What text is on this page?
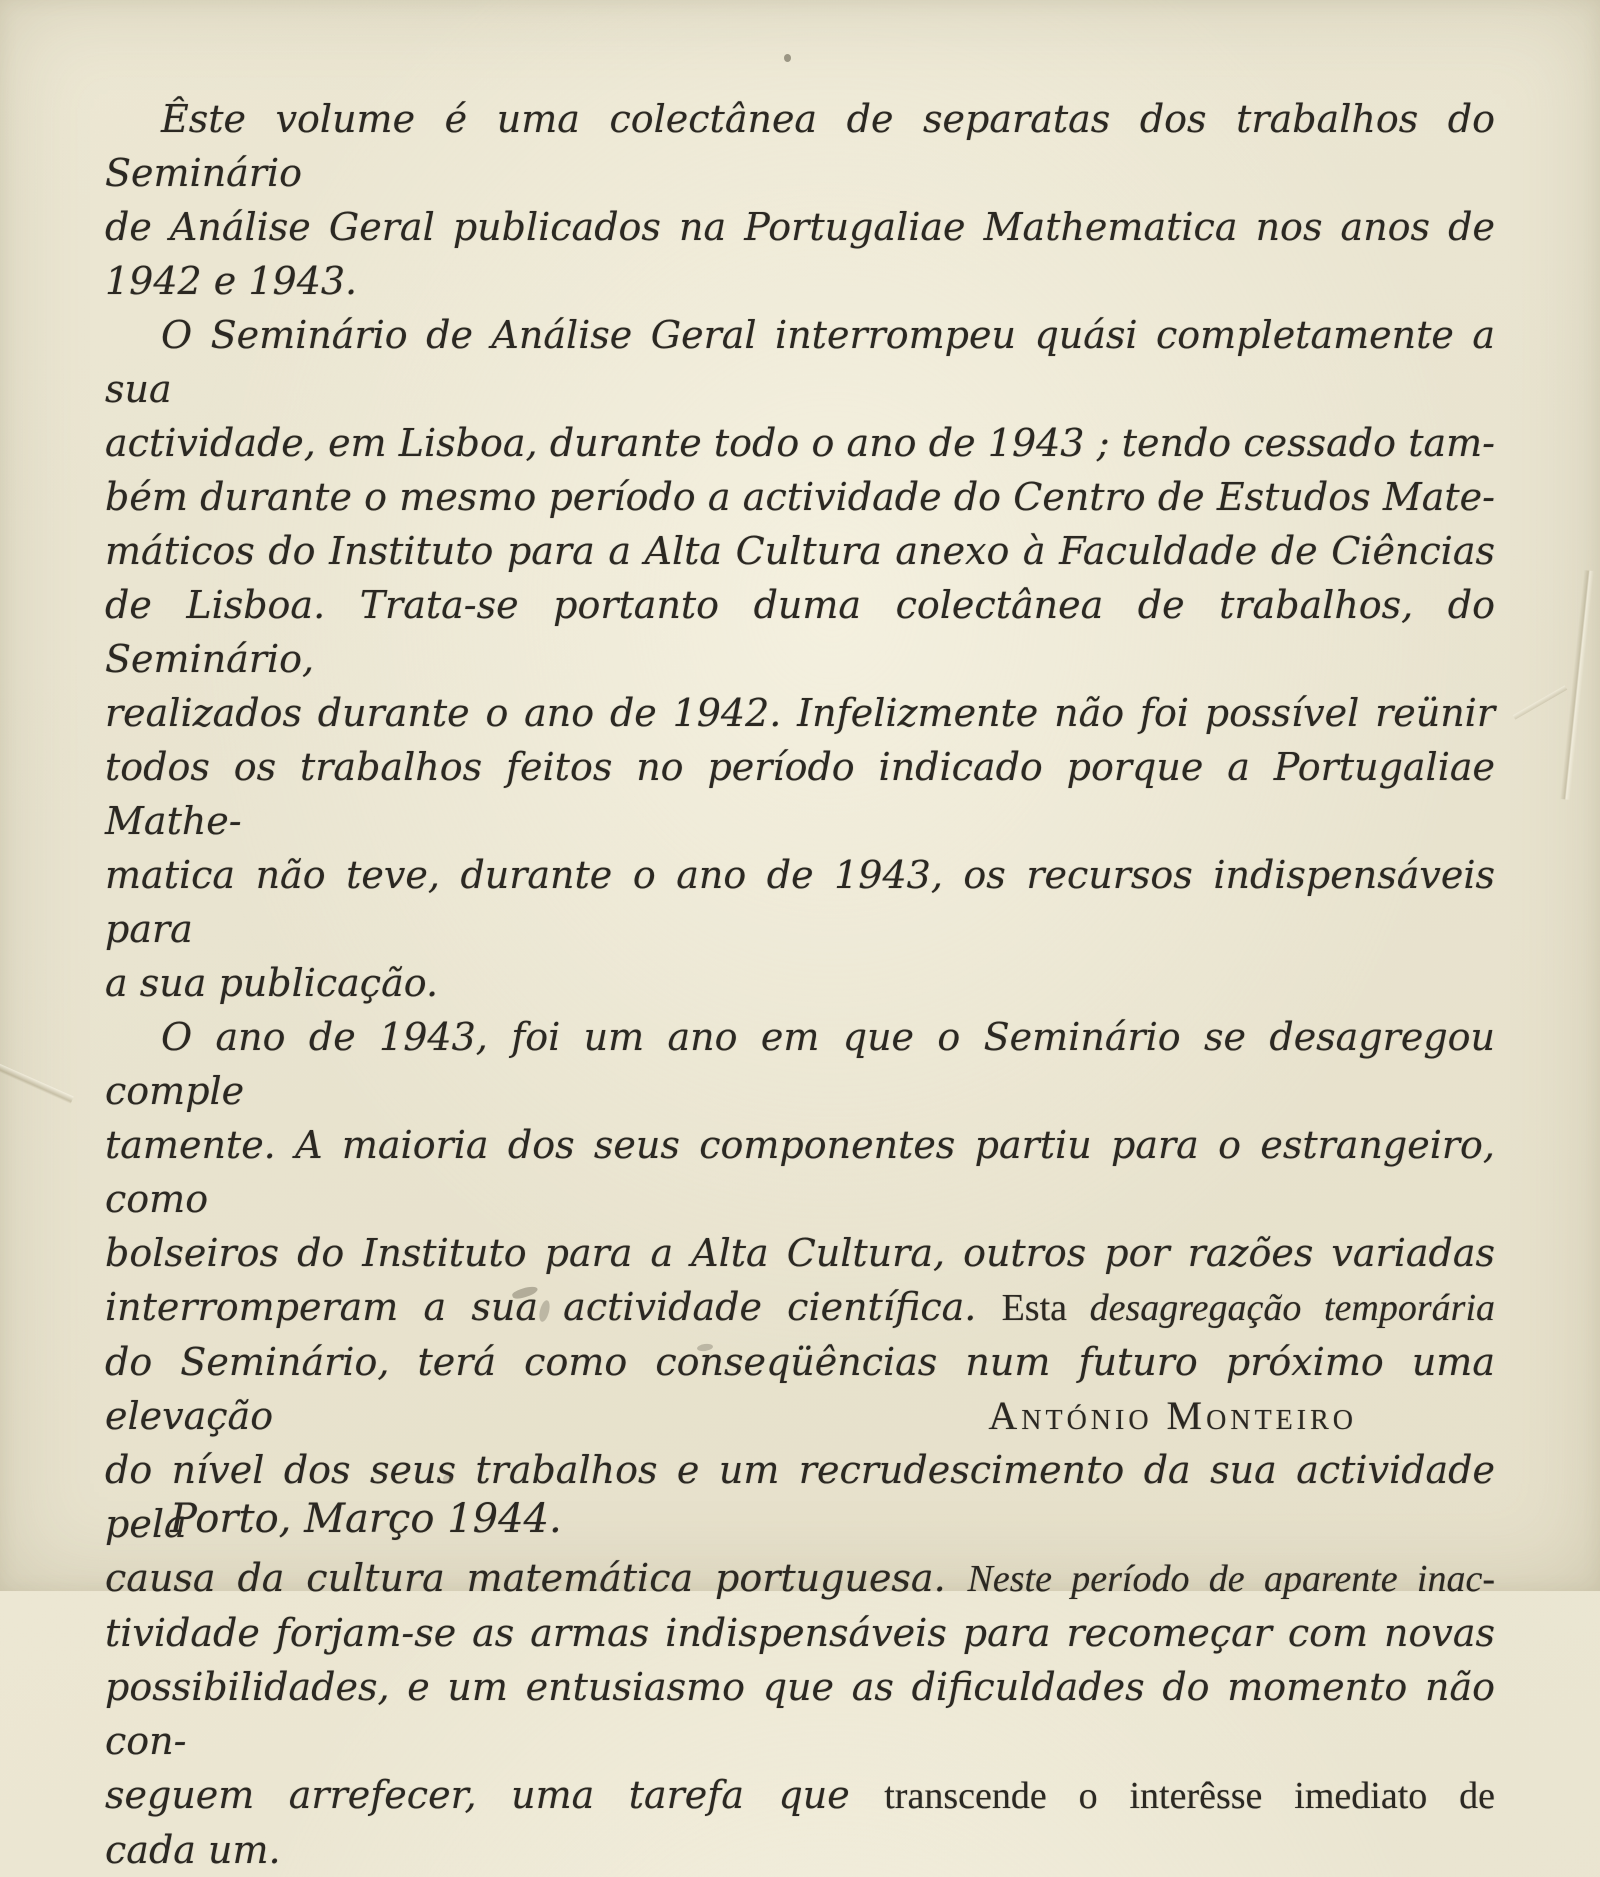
Êste volume é uma colectânea de separatas dos trabalhos do Seminário
de Análise Geral publicados na Portugaliae Mathematica nos anos de
1942 e 1943.
O Seminário de Análise Geral interrompeu quási completamente a sua
actividade, em Lisboa, durante todo o ano de 1943 ; tendo cessado tam-
bém durante o mesmo período a actividade do Centro de Estudos Mate-
máticos do Instituto para a Alta Cultura anexo à Faculdade de Ciências
de Lisboa. Trata-se portanto duma colectânea de trabalhos, do Seminário,
realizados durante o ano de 1942. Infelizmente não foi possível reünir
todos os trabalhos feitos no período indicado porque a Portugaliae Mathe-
matica não teve, durante o ano de 1943, os recursos indispensáveis para
a sua publicação.
O ano de 1943, foi um ano em que o Seminário se desagregou comple
tamente. A maioria dos seus componentes partiu para o estrangeiro, como
bolseiros do Instituto para a Alta Cultura, outros por razões variadas
interromperam a sua actividade científica. Esta desagregação temporária
do Seminário, terá como conseqüências num futuro próximo uma elevação
do nível dos seus trabalhos e um recrudescimento da sua actividade pela
causa da cultura matemática portuguesa. Neste período de aparente inac-
tividade forjam-se as armas indispensáveis para recomeçar com novas
possibilidades, e um entusiasmo que as dificuldades do momento não con-
seguem arrefecer, uma tarefa que transcende o interêsse imediato de
cada um.
António Monteiro
Porto, Março 1944.
